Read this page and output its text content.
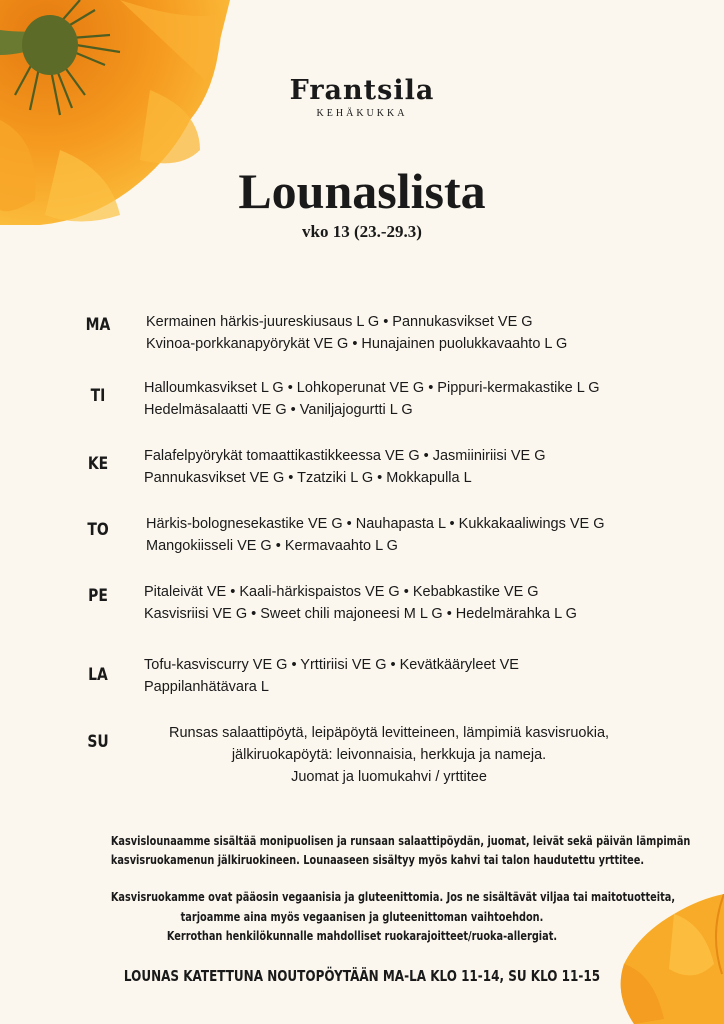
Frantsila
KEHÄKUKKA
Lounaslista
vko 13 (23.-29.3)
MA Kermainen härkis-juureskiusaus L G • Pannukasvikset VE G
Kvinoa-porkkanapyörykät VE G • Hunajainen puolukkavaahto L G
TI	Halloumkasvikset L G • Lohkoperunat VE G • Pippuri-kermakastike L G
Hedelmäsalaatti VE G • Vaniljajogurtti L G
KE	Falafelpyörykät tomaattikastikkeessa VE G • Jasmiiniriisi VE G
Pannukasvikset VE G • Tzatziki L G • Mokkapulla L
TO	Härkis-bolognesekastike VE G • Nauhapasta L • Kukkakaaliwings VE G
Mangokiisseli VE G • Kermavaahto L G
PE	Pitaleivät VE • Kaali-härkispaistos VE G • Kebabkastike VE G
Kasvisriisi VE G • Sweet chili majoneesi M L G • Hedelmärahka L G
LA	Tofu-kasviscurry VE G • Yrttiriisi VE G • Kevätkääryleet VE
Pappilanhätävara L
SU	Runsas salaattipöytä, leipäpöytä levitteineen, lämpimiä kasvisruokia,
jälkiruokapöytä: leivonnaisia, herkkuja ja nameja.
Juomat ja luomukahvi / yrttitee
Kasvislounaamme sisältää monipuolisen ja runsaan salaattipöydän, juomat, leivät sekä päivän lämpimän
kasvisruokamenun jälkiruokineen. Lounaaseen sisältyy myös kahvi tai talon haudutettu yrttitee.
Kasvisruokamme ovat pääosin vegaanisia ja gluteenittomia. Jos ne sisältävät viljaa tai maitotuotteita,
tarjoamme aina myös vegaanisen ja gluteenittoman vaihtoehdon.
Kerrothan henkilökunnalle mahdolliset ruokarajoitteet/ruoka-allergiat.
LOUNAS KATETTUNA NOUTOPÖYTÄÄN MA-LA KLO 11-14, SU KLO 11-15
